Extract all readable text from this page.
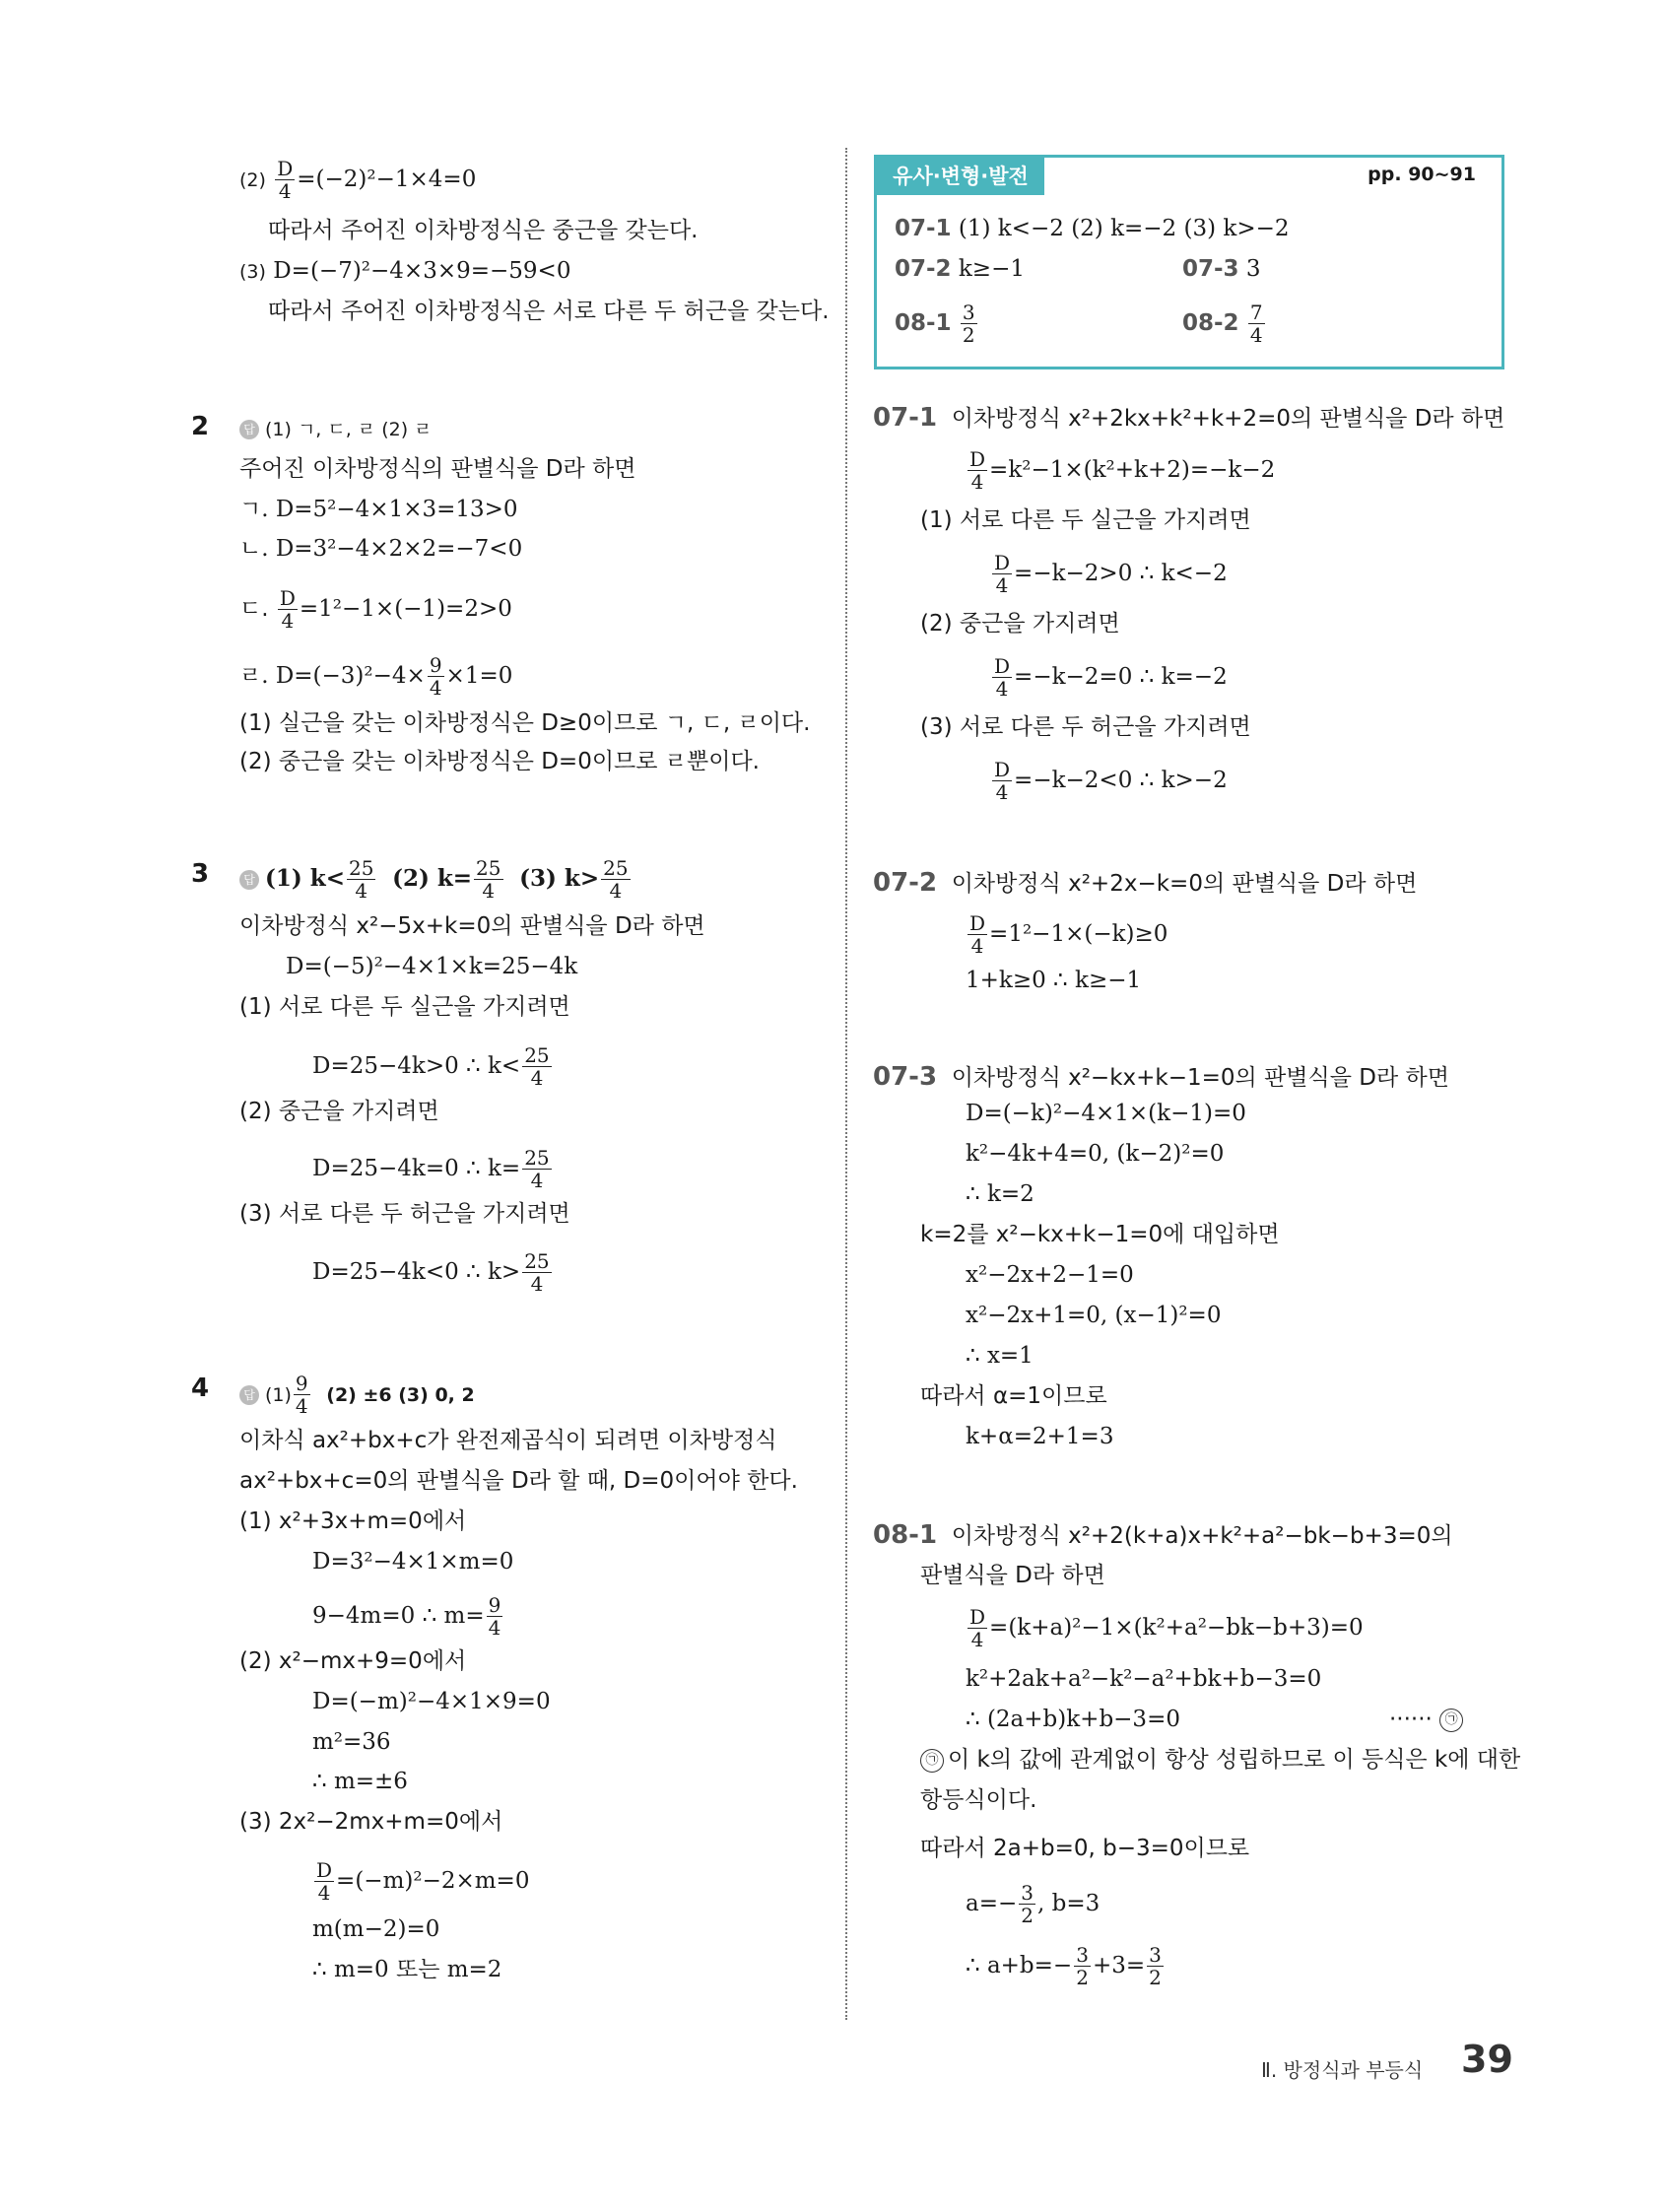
$(2) \frac{D}{4} =(-2)^2-1\times 4=0$
따라서 주어진 이차방정식은 중근을 갖는다.
(3) D=(−7)²−4×3×9=−59<0
따라서 주어진 이차방정식은 서로 다른 두 허근을 갖는다.
2	답 (1) ㄱ, ㄷ, ㄹ (2) ㄹ
주어진 이차방정식의 판별식을 D라 하면
ㄱ. D=5²−4×1×3=13>0
ㄴ. D=3²−4×2×2=−7<0
ㄷ. $\frac{D}{4} =1^2-1\times(-1)=2>0$
ㄹ. $D=(-3)^2-4\times \frac{9}{4} \times 1=0$
(1) 실근을 갖는 이차방정식은 D≥0이므로 ㄱ, ㄷ, ㄹ이다.
(2) 중근을 갖는 이차방정식은 D=0이므로 ㄹ뿐이다.
3	답 (1) $k< \frac{25}{4} (2)$ $k= \frac{25}{4} (3)$ $k> \frac{25}{4}$
이차방정식 x²−5x+k=0의 판별식을 D라 하면
D=(−5)²−4×1×k=25−4k
(1) 서로 다른 두 실근을 가지려면
D=25−4k>0 ∴ $k< \frac{25}{4}$
(2) 중근을 가지려면
D=25−4k=0 ∴ $k= \frac{25}{4}$
(3) 서로 다른 두 허근을 가지려면
D=25−4k<0 ∴ $k> \frac{25}{4}$
4	답 $(1) \frac{9}{4} (2) \pm 6$ (3) 0, 2
이차식 ax²+bx+c가 완전제곱식이 되려면 이차방정식
ax²+bx+c=0의 판별식을 D라 할 때, D=0이어야 한다.
(1) x²+3x+m=0에서
D=3²−4×1×m=0
9−4m=0 ∴ $m= \frac{9}{4}$
(2) x²−mx+9=0에서
D=(−m)²−4×1×9=0
m²=36
∴ m=±6
(3) 2x²−2mx+m=0에서
$\frac{D}{4} =(-m)^2-2\times m=0$
m(m−2)=0
∴ m=0 또는 m=2
유사·변형·발전	pp. 90~91
07-1 (1) k<−2 (2) k=−2 (3) k>−2
07-2 k≥−1	07-3 3
$08-1 \frac{3}{2}$	$08-2 \frac{7}{4}$
07-1 이차방정식 x²+2kx+k²+k+2=0의 판별식을 D라 하면
$\frac{D}{4} =k^2-1\times(k^2+k+2)=-k-2$
(1) 서로 다른 두 실근을 가지려면
$\frac{D}{4} =-k-2>0$ ∴ k<−2
(2) 중근을 가지려면
$\frac{D}{4} =-k-2=0$ ∴ k=−2
(3) 서로 다른 두 허근을 가지려면
$\frac{D}{4} =-k-2<0$ ∴ k>−2
07-2 이차방정식 x²+2x−k=0의 판별식을 D라 하면
$\frac{D}{4} =1^2-1\times(-k)\ge 0$
1+k≥0 ∴ k≥−1
07-3 이차방정식 x²−kx+k−1=0의 판별식을 D라 하면
D=(−k)²−4×1×(k−1)=0
k²−4k+4=0, (k−2)²=0
∴ k=2
k=2를 x²−kx+k−1=0에 대입하면
x²−2x+2−1=0
x²−2x+1=0, (x−1)²=0
∴ x=1
따라서 α=1이므로
k+α=2+1=3
08-1 이차방정식 x²+2(k+a)x+k²+a²−bk−b+3=0의
판별식을 D라 하면
$\frac{D}{4} =(k+a)^2-1\times(k^2+a^2-bk-b+3)=0$
k²+2ak+a²−k²−a²+bk+b−3=0
∴ (2a+b)k+b−3=0	······ ㉠
㉠ 이 k의 값에 관계없이 항상 성립하므로 이 등식은 k에 대한
항등식이다.
따라서 2a+b=0, b−3=0이므로
$a=- \frac{3}{2}$ , b=3
∴ $a+b=- \frac{3}{2} +3= \frac{3}{2}$
Ⅱ. 방정식과 부등식 39
